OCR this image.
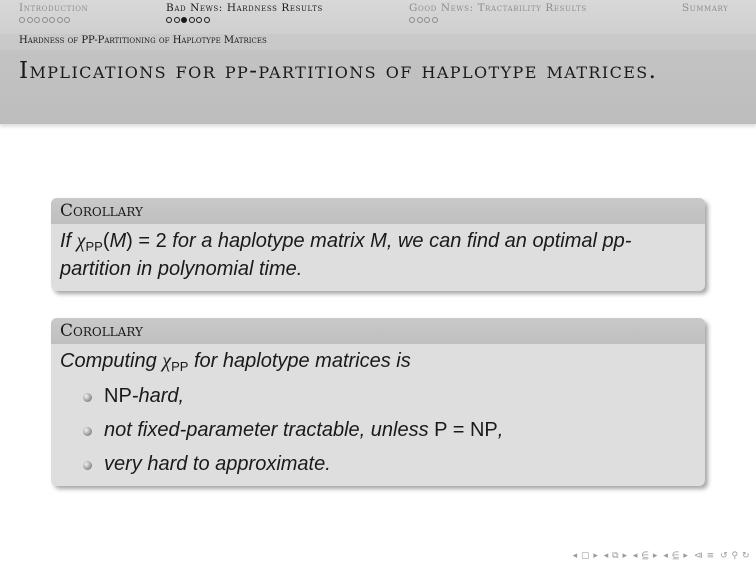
Introduction	Bad News: Hardness Results	Good News: Tractability Results	Summary
Hardness of PP-Partitioning of Haplotype Matrices
Implications for pp-partitions of haplotype matrices.
Corollary
If $\chi_{PP}(M) = 2$ for a haplotype matrix M, we can find an optimal pp-partition in polynomial time.
Corollary
Computing $\chi_{PP}$ for haplotype matrices is
NP-hard,
not fixed-parameter tractable, unless P = NP,
very hard to approximate.
◂ ▢ ▸ ◂ ⧉ ▸ ◂ ⋸ ▸ ◂ ⋸ ▸ ⧏ ≡ ↺ ⚲ ↻
